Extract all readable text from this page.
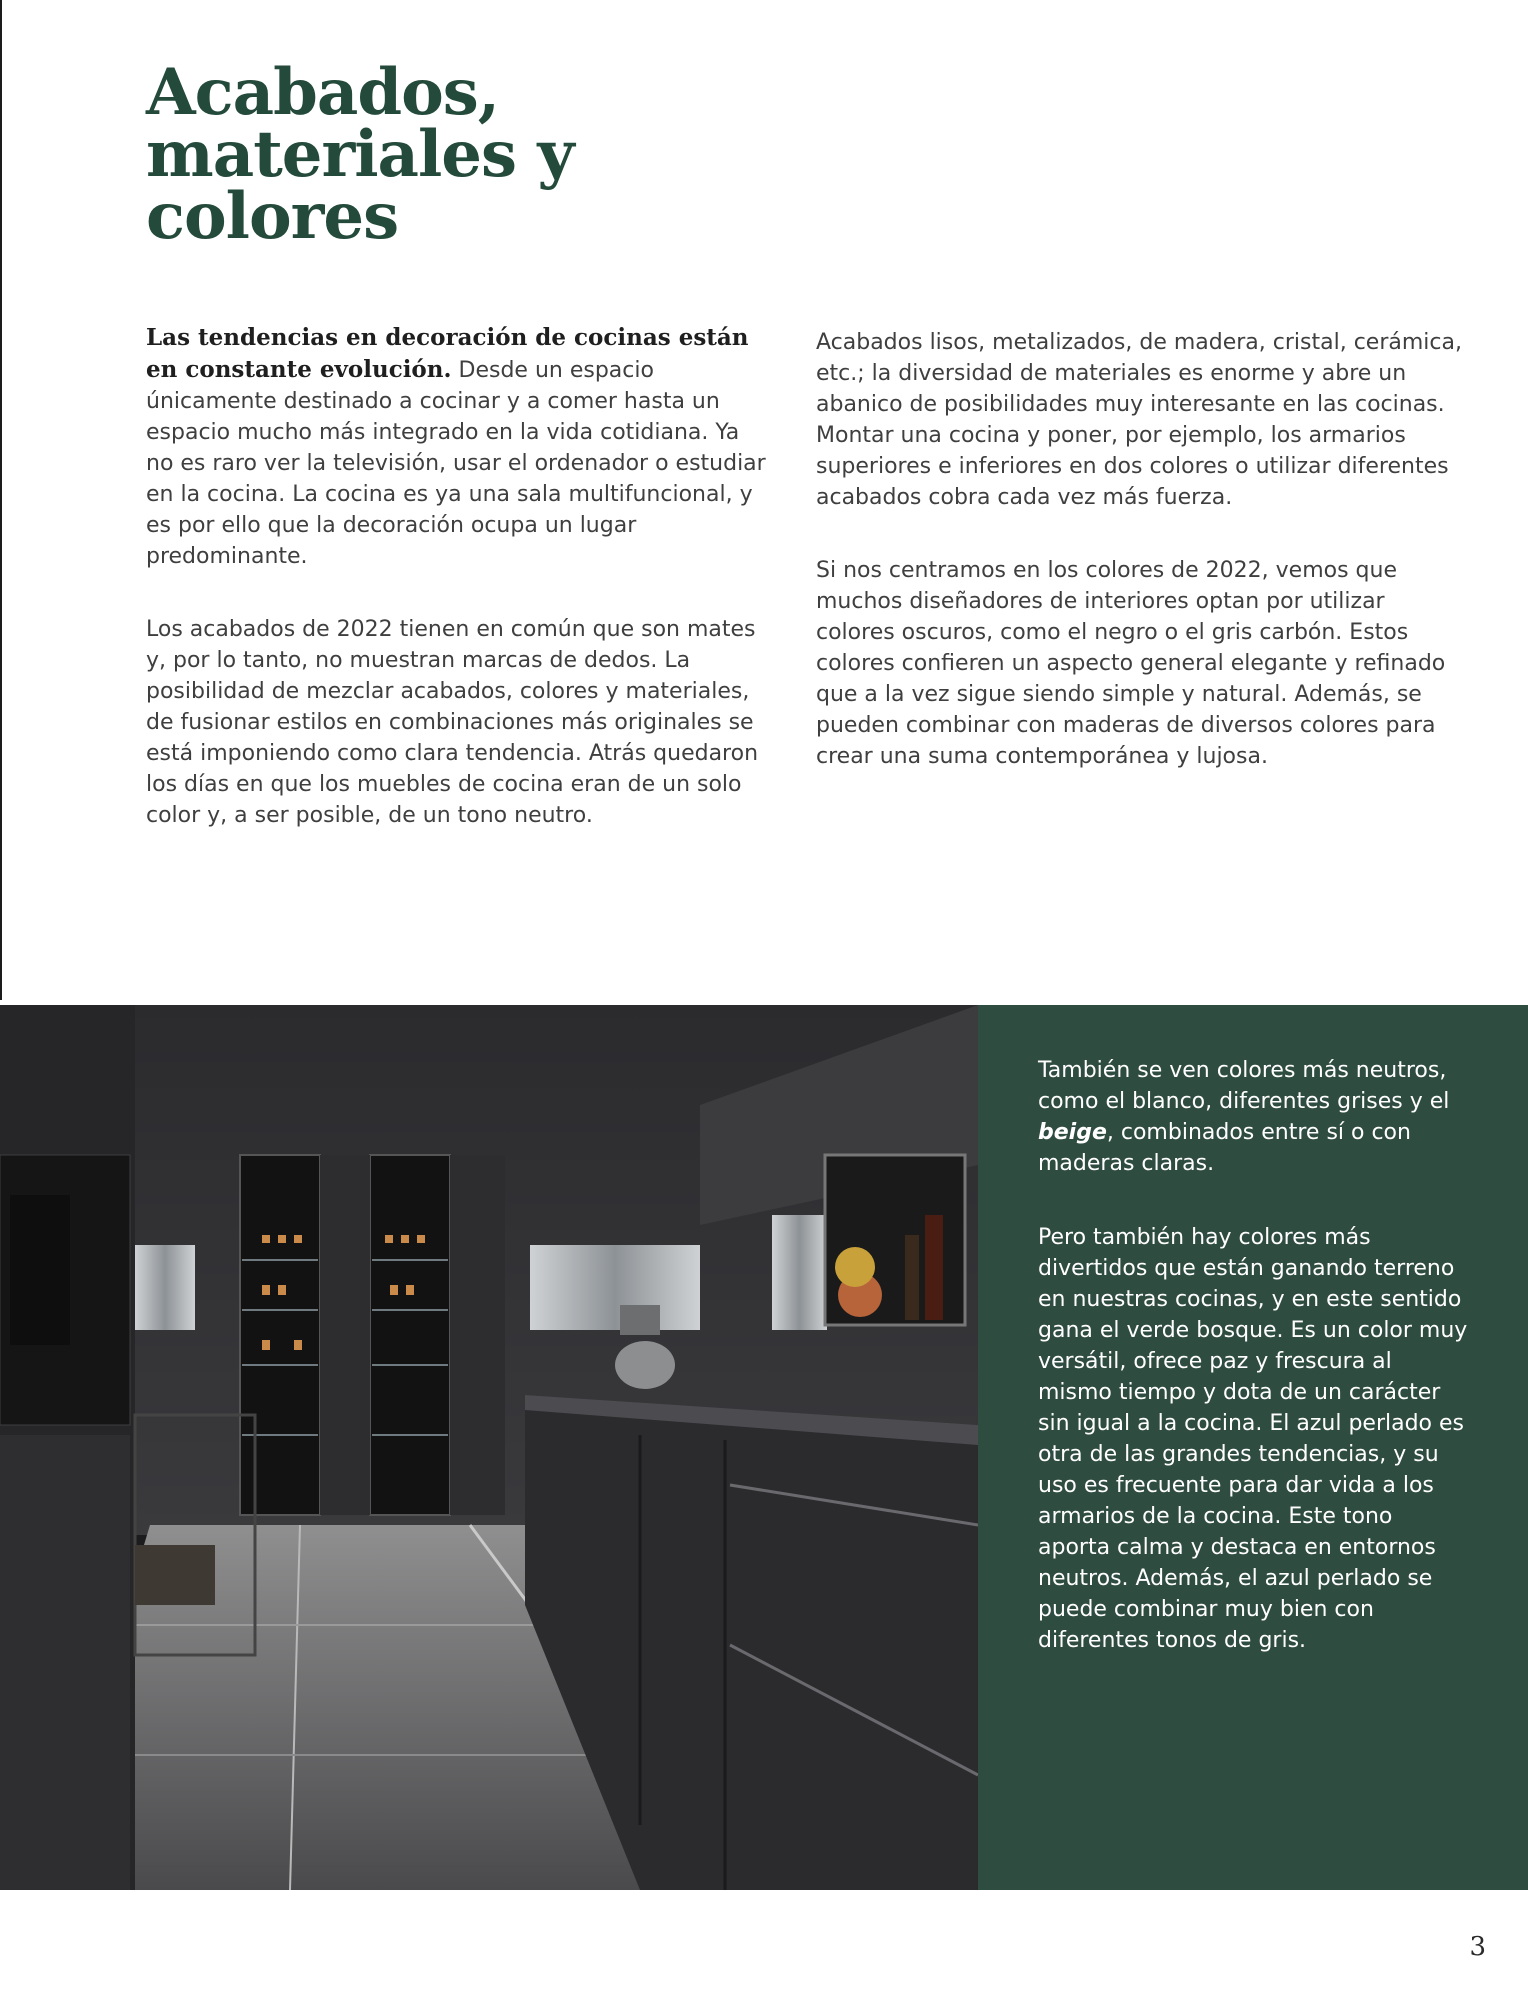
Acabados,
materiales y
colores

Las tendencias en decoración de cocinas están en constante evolución. Desde un espacio únicamente destinado a cocinar y a comer hasta un espacio mucho más integrado en la vida cotidiana. Ya no es raro ver la televisión, usar el ordenador o estudiar en la cocina. La cocina es ya una sala multifuncional, y es por ello que la decoración ocupa un lugar predominante.

Los acabados de 2022 tienen en común que son mates y, por lo tanto, no muestran marcas de dedos. La posibilidad de mezclar acabados, colores y materiales, de fusionar estilos en combinaciones más originales se está imponiendo como clara tendencia. Atrás quedaron los días en que los muebles de cocina eran de un solo color y, a ser posible, de un tono neutro.

Acabados lisos, metalizados, de madera, cristal, cerámica, etc.; la diversidad de materiales es enorme y abre un abanico de posibilidades muy interesante en las cocinas. Montar una cocina y poner, por ejemplo, los armarios superiores e inferiores en dos colores o utilizar diferentes acabados cobra cada vez más fuerza.

Si nos centramos en los colores de 2022, vemos que muchos diseñadores de interiores optan por utilizar colores oscuros, como el negro o el gris carbón. Estos colores confieren un aspecto general elegante y refinado que a la vez sigue siendo simple y natural. Además, se pueden combinar con maderas de diversos colores para crear una suma contemporánea y lujosa.

También se ven colores más neutros, como el blanco, diferentes grises y el beige, combinados entre sí o con maderas claras.

Pero también hay colores más divertidos que están ganando terreno en nuestras cocinas, y en este sentido gana el verde bosque. Es un color muy versátil, ofrece paz y frescura al mismo tiempo y dota de un carácter sin igual a la cocina. El azul perlado es otra de las grandes tendencias, y su uso es frecuente para dar vida a los armarios de la cocina. Este tono aporta calma y destaca en entornos neutros. Además, el azul perlado se puede combinar muy bien con diferentes tonos de gris.

3
